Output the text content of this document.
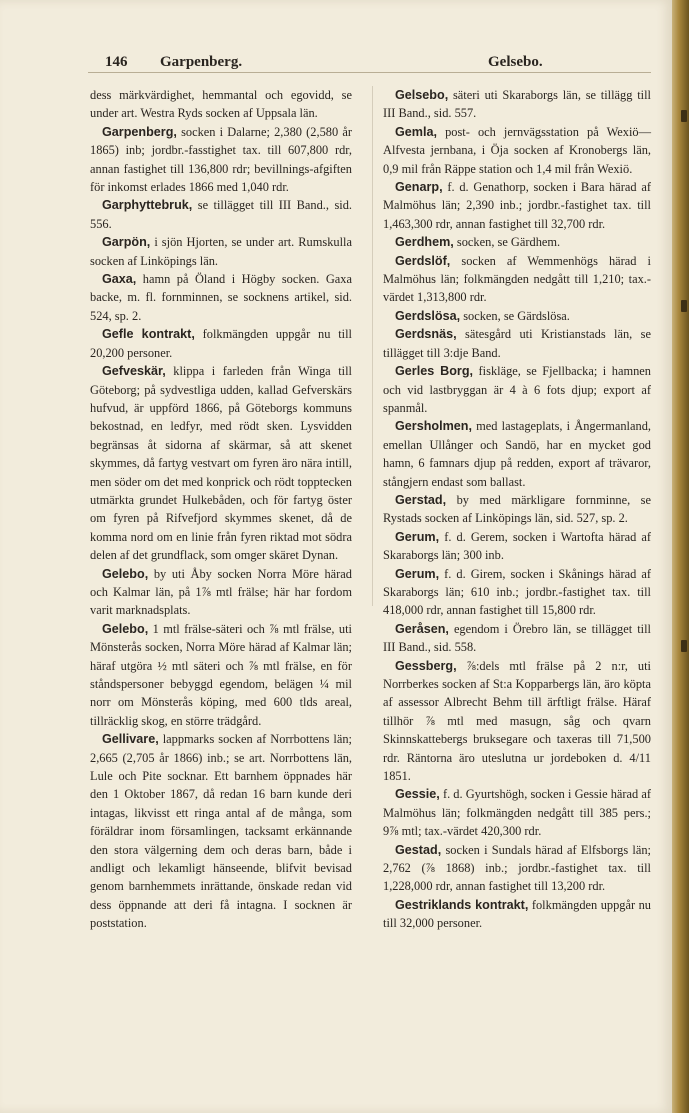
146 Garpenberg.	Gelsebo.

dess märkvärdighet, hemmantal och egovidd, se under art. Westra Ryds socken af Uppsala län.

Garpenberg, socken i Dalarne; 2,380 (2,580 år 1865) inb; jordbr.-fasstighet tax. till 607,800 rdr, annan fastighet till 136,800 rdr; bevillnings-afgiften för inkomst erlades 1866 med 1,040 rdr.

Garphyttebruk, se tillägget till III Band., sid. 556.

Garpön, i sjön Hjorten, se under art. Rumskulla socken af Linköpings län.

Gaxa, hamn på Öland i Högby socken. Gaxa backe, m. fl. fornminnen, se socknens artikel, sid. 524, sp. 2.

Gefle kontrakt, folkmängden uppgår nu till 20,200 personer.

Gefveskär, klippa i farleden från Winga till Göteborg; på sydvestliga udden, kallad Gefverskärs hufvud, är uppförd 1866, på Göteborgs kommuns bekostnad, en ledfyr, med rödt sken. Lysvidden begränsas åt sidorna af skärmar, så att skenet skymmes, då fartyg vestvart om fyren äro nära intill, men söder om det med konprick och rödt topptecken utmärkta grundet Hulkebåden, och för fartyg öster om fyren på Rifvefjord skymmes skenet, då de komma nord om en linie från fyren riktad mot södra delen af det grundflack, som omger skäret Dynan.

Gelebo, by uti Åby socken Norra Möre härad och Kalmar län, på 1⅞ mtl frälse; här har fordom varit marknadsplats.

Gelebo, 1 mtl frälse-säteri och ⅞ mtl frälse, uti Mönsterås socken, Norra Möre härad af Kalmar län; häraf utgöra ½ mtl säteri och ⅞ mtl frälse, en för ståndspersoner bebyggd egendom, belägen ¼ mil norr om Mönsterås köping, med 600 tlds areal, tillräcklig skog, en större trädgård.

Gellivare, lappmarks socken af Norrbottens län; 2,665 (2,705 år 1866) inb.; se art. Norrbottens län, Lule och Pite socknar. Ett barnhem öppnades här den 1 Oktober 1867, då redan 16 barn kunde deri intagas, likvisst ett ringa antal af de många, som föräldrar inom församlingen, tacksamt erkännande den stora välgerning dem och deras barn, både i andligt och lekamligt hänseende, blifvit bevisad genom barnhemmets inrättande, önskade redan vid dess öppnande att deri få intagna. I socknen är poststation.

Gelsebo, säteri uti Skaraborgs län, se tillägg till III Band., sid. 557.

Gemla, post- och jernvägsstation på Wexiö—Alfvesta jernbana, i Öja socken af Kronobergs län, 0,9 mil från Räppe station och 1,4 mil från Wexiö.

Genarp, f. d. Genathorp, socken i Bara härad af Malmöhus län; 2,390 inb.; jordbr.-fastighet tax. till 1,463,300 rdr, annan fastighet till 32,700 rdr.

Gerdhem, socken, se Gärdhem.

Gerdslöf, socken af Wemmenhögs härad i Malmöhus län; folkmängden nedgått till 1,210; tax.-värdet 1,313,800 rdr.

Gerdslösa, socken, se Gärdslösa.

Gerdsnäs, sätesgård uti Kristianstads län, se tillägget till 3:dje Band.

Gerles Borg, fiskläge, se Fjellbacka; i hamnen och vid lastbryggan är 4 à 6 fots djup; export af spanmål.

Gersholmen, med lastageplats, i Ångermanland, emellan Ullånger och Sandö, har en mycket god hamn, 6 famnars djup på redden, export af trävaror, stångjern endast som ballast.

Gerstad, by med märkligare fornminne, se Rystads socken af Linköpings län, sid. 527, sp. 2.

Gerum, f. d. Gerem, socken i Wartofta härad af Skaraborgs län; 300 inb.

Gerum, f. d. Girem, socken i Skånings härad af Skaraborgs län; 610 inb.; jordbr.-fastighet tax. till 418,000 rdr, annan fastighet till 15,800 rdr.

Geråsen, egendom i Örebro län, se tillägget till III Band., sid. 558.

Gessberg, ⅞:dels mtl frälse på 2 n:r, uti Norrberkes socken af St:a Kopparbergs län, äro köpta af assessor Albrecht Behm till ärftligt frälse. Häraf tillhör ⅞ mtl med masugn, såg och qvarn Skinnskattebergs bruksegare och taxeras till 71,500 rdr. Räntorna äro uteslutna ur jordeboken d. 4/11 1851.

Gessie, f. d. Gyurtshögh, socken i Gessie härad af Malmöhus län; folkmängden nedgått till 385 pers.; 9⅞ mtl; tax.-värdet 420,300 rdr.

Gestad, socken i Sundals härad af Elfsborgs län; 2,762 (⅞ 1868) inb.; jordbr.-fastighet tax. till 1,228,000 rdr, annan fastighet till 13,200 rdr.

Gestriklands kontrakt, folkmängden uppgår nu till 32,000 personer.
